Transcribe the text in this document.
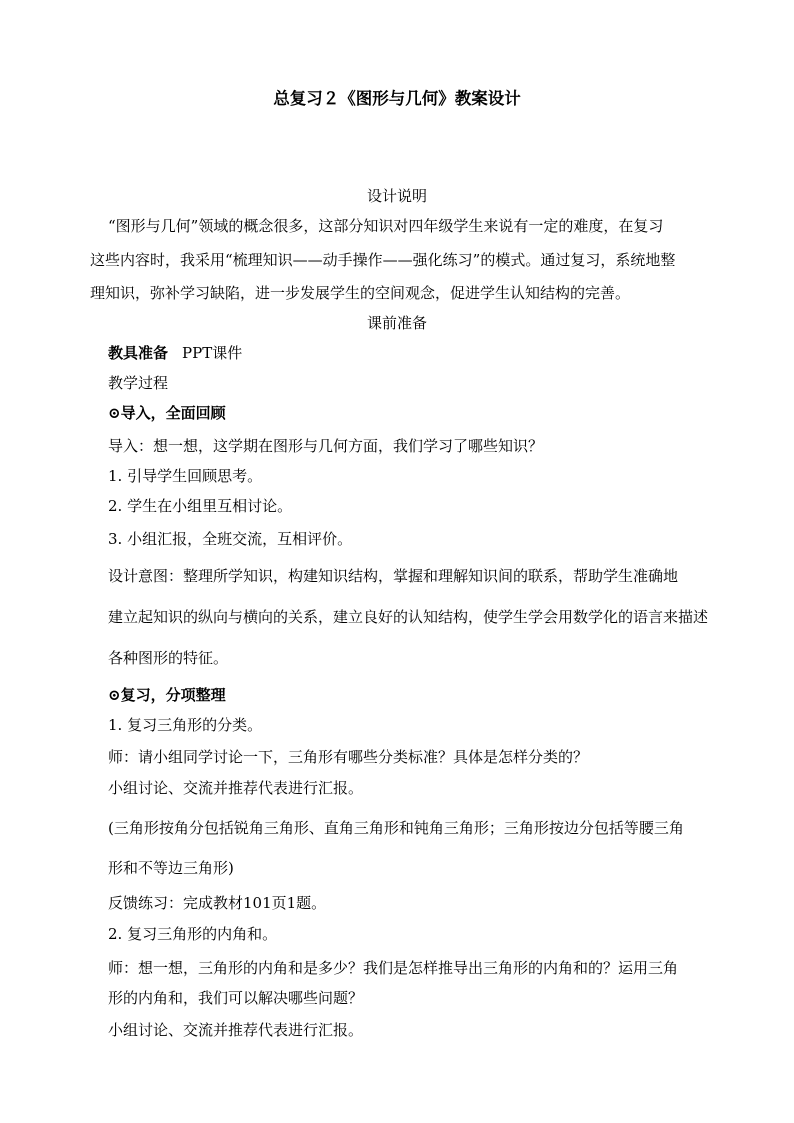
总复习２《图形与几何》教案设计
设计说明
“图形与几何”领域的概念很多，这部分知识对四年级学生来说有一定的难度，在复习
这些内容时，我采用“梳理知识——动手操作——强化练习”的模式。通过复习，系统地整
理知识，弥补学习缺陷，进一步发展学生的空间观念，促进学生认知结构的完善。
课前准备
教具准备 PPT课件
教学过程
⊙导入，全面回顾
导入：想一想，这学期在图形与几何方面，我们学习了哪些知识？
1. 引导学生回顾思考。
2. 学生在小组里互相讨论。
3. 小组汇报，全班交流，互相评价。
设计意图：整理所学知识，构建知识结构，掌握和理解知识间的联系，帮助学生准确地
建立起知识的纵向与横向的关系，建立良好的认知结构，使学生学会用数学化的语言来描述
各种图形的特征。
⊙复习，分项整理
1. 复习三角形的分类。
师：请小组同学讨论一下，三角形有哪些分类标准？具体是怎样分类的？
小组讨论、交流并推荐代表进行汇报。
(三角形按角分包括锐角三角形、直角三角形和钝角三角形；三角形按边分包括等腰三角
形和不等边三角形)
反馈练习：完成教材101页1题。
2. 复习三角形的内角和。
师：想一想，三角形的内角和是多少？我们是怎样推导出三角形的内角和的？运用三角
形的内角和，我们可以解决哪些问题？
小组讨论、交流并推荐代表进行汇报。
